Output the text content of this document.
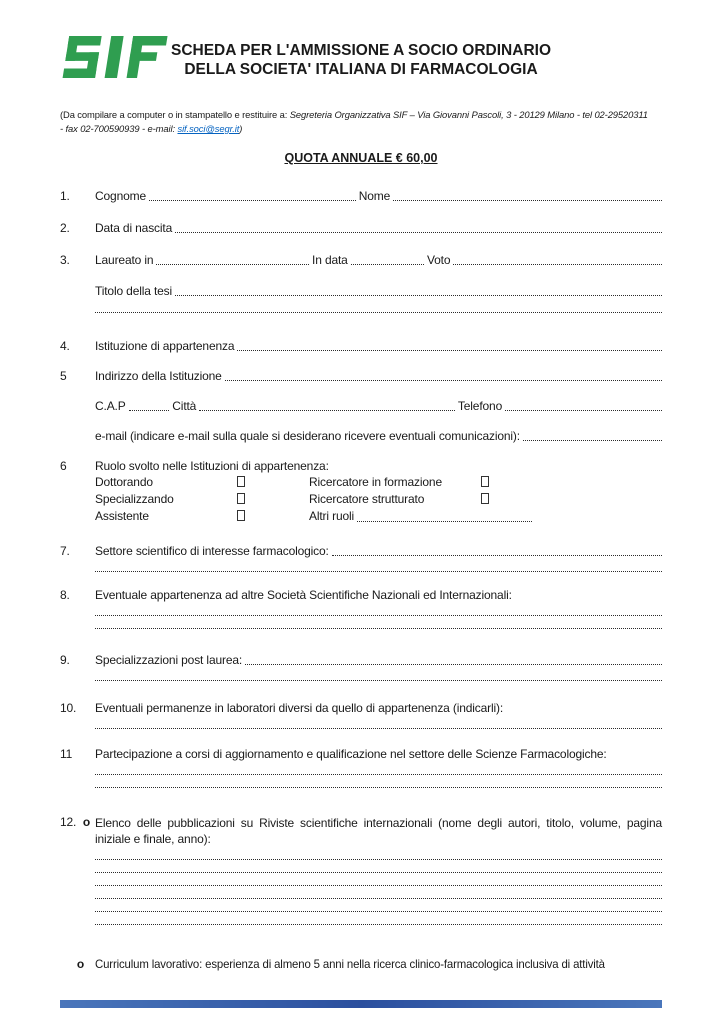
SCHEDA PER L'AMMISSIONE A SOCIO ORDINARIO
DELLA SOCIETA' ITALIANA DI FARMACOLOGIA
(Da compilare a computer o in stampatello e restituire a: Segreteria Organizzativa SIF – Via Giovanni Pascoli, 3 - 20129 Milano - tel 02-29520311
- fax 02-700590939 - e-mail: sif.soci@segr.it)
QUOTA ANNUALE € 60,00
1.	Cognome	Nome
2.	Data di nascita
3.	Laureato in	In data	Voto
Titolo della tesi
4.	Istituzione di appartenenza
5	Indirizzo della Istituzione
C.A.P	Città	Telefono
e-mail (indicare e-mail sulla quale si desiderano ricevere eventuali comunicazioni):
6	Ruolo svolto nelle Istituzioni di appartenenza:
Dottorando	Ricercatore in formazione
Specializzando	Ricercatore strutturato
Assistente	Altri ruoli
7.	Settore scientifico di interesse farmacologico:
8.	Eventuale appartenenza ad altre Società Scientifiche Nazionali ed Internazionali:
9.	Specializzazioni post laurea:
10.	Eventuali permanenze in laboratori diversi da quello di appartenenza (indicarli):
11	Partecipazione a corsi di aggiornamento e qualificazione nel settore delle Scienze Farmacologiche:
12. o Elenco delle pubblicazioni su Riviste scientifiche internazionali (nome degli autori, titolo, volume, pagina iniziale e finale, anno):
o Curriculum lavorativo: esperienza di almeno 5 anni nella ricerca clinico-farmacologica inclusiva di attività
